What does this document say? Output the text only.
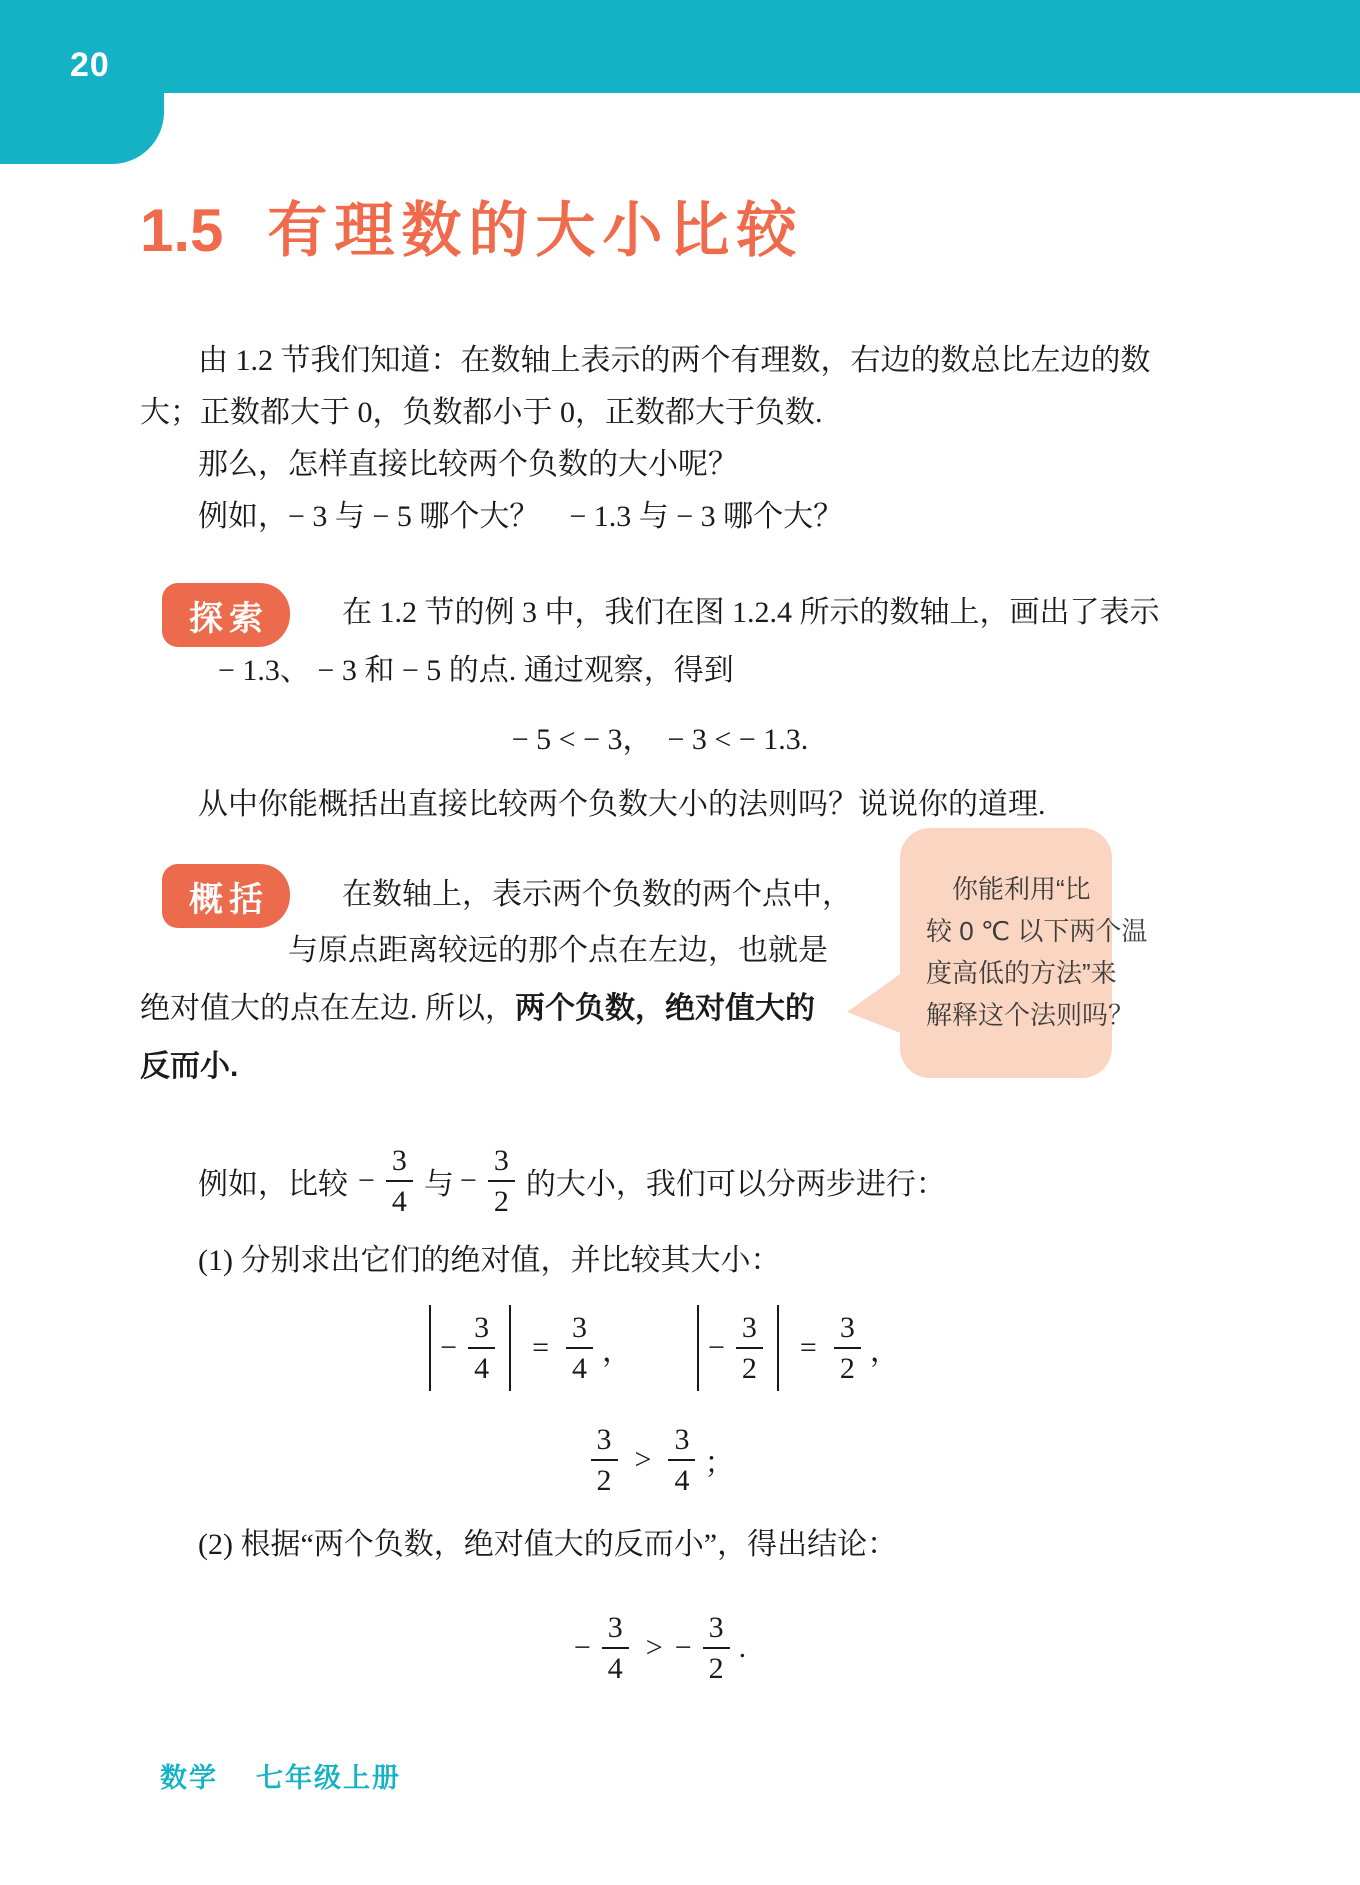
20
1.5 有理数的大小比较

由 1.2 节我们知道：在数轴上表示的两个有理数，右边的数总比左边的数

大；正数都大于 0，负数都小于 0，正数都大于负数.

那么，怎样直接比较两个负数的大小呢？

例如，− 3 与 − 5 哪个大？　− 1.3 与 − 3 哪个大？

探索	在 1.2 节的例 3 中，我们在图 1.2.4 所示的数轴上，画出了表示

− 1.3、 − 3 和 − 5 的点. 通过观察，得到

− 5 < − 3，　− 3 < − 1.3.

从中你能概括出直接比较两个负数大小的法则吗？说说你的道理.

概括	在数轴上，表示两个负数的两个点中，

与原点距离较远的那个点在左边，也就是

绝对值大的点在左边. 所以，两个负数，绝对值大的

反而小.

你能利用“比
较 0 ℃ 以下两个温
度高低的方法”来
解释这个法则吗？
例如，比较 − $\frac{3}{4}$ 与 − $\frac{3}{2}$ 的大小，我们可以分两步进行：

(1) 分别求出它们的绝对值，并比较其大小：

− $\frac{3}{4} = \frac{3}{4}$ ，	− $\frac{3}{2} = \frac{3}{2}$ ，
$\frac{3}{2} > \frac{3}{4}$ ；

(2) 根据“两个负数，绝对值大的反而小”，得出结论：

− $\frac{3}{4}$ > − $\frac{3}{2}$ .
数学 七年级上册
